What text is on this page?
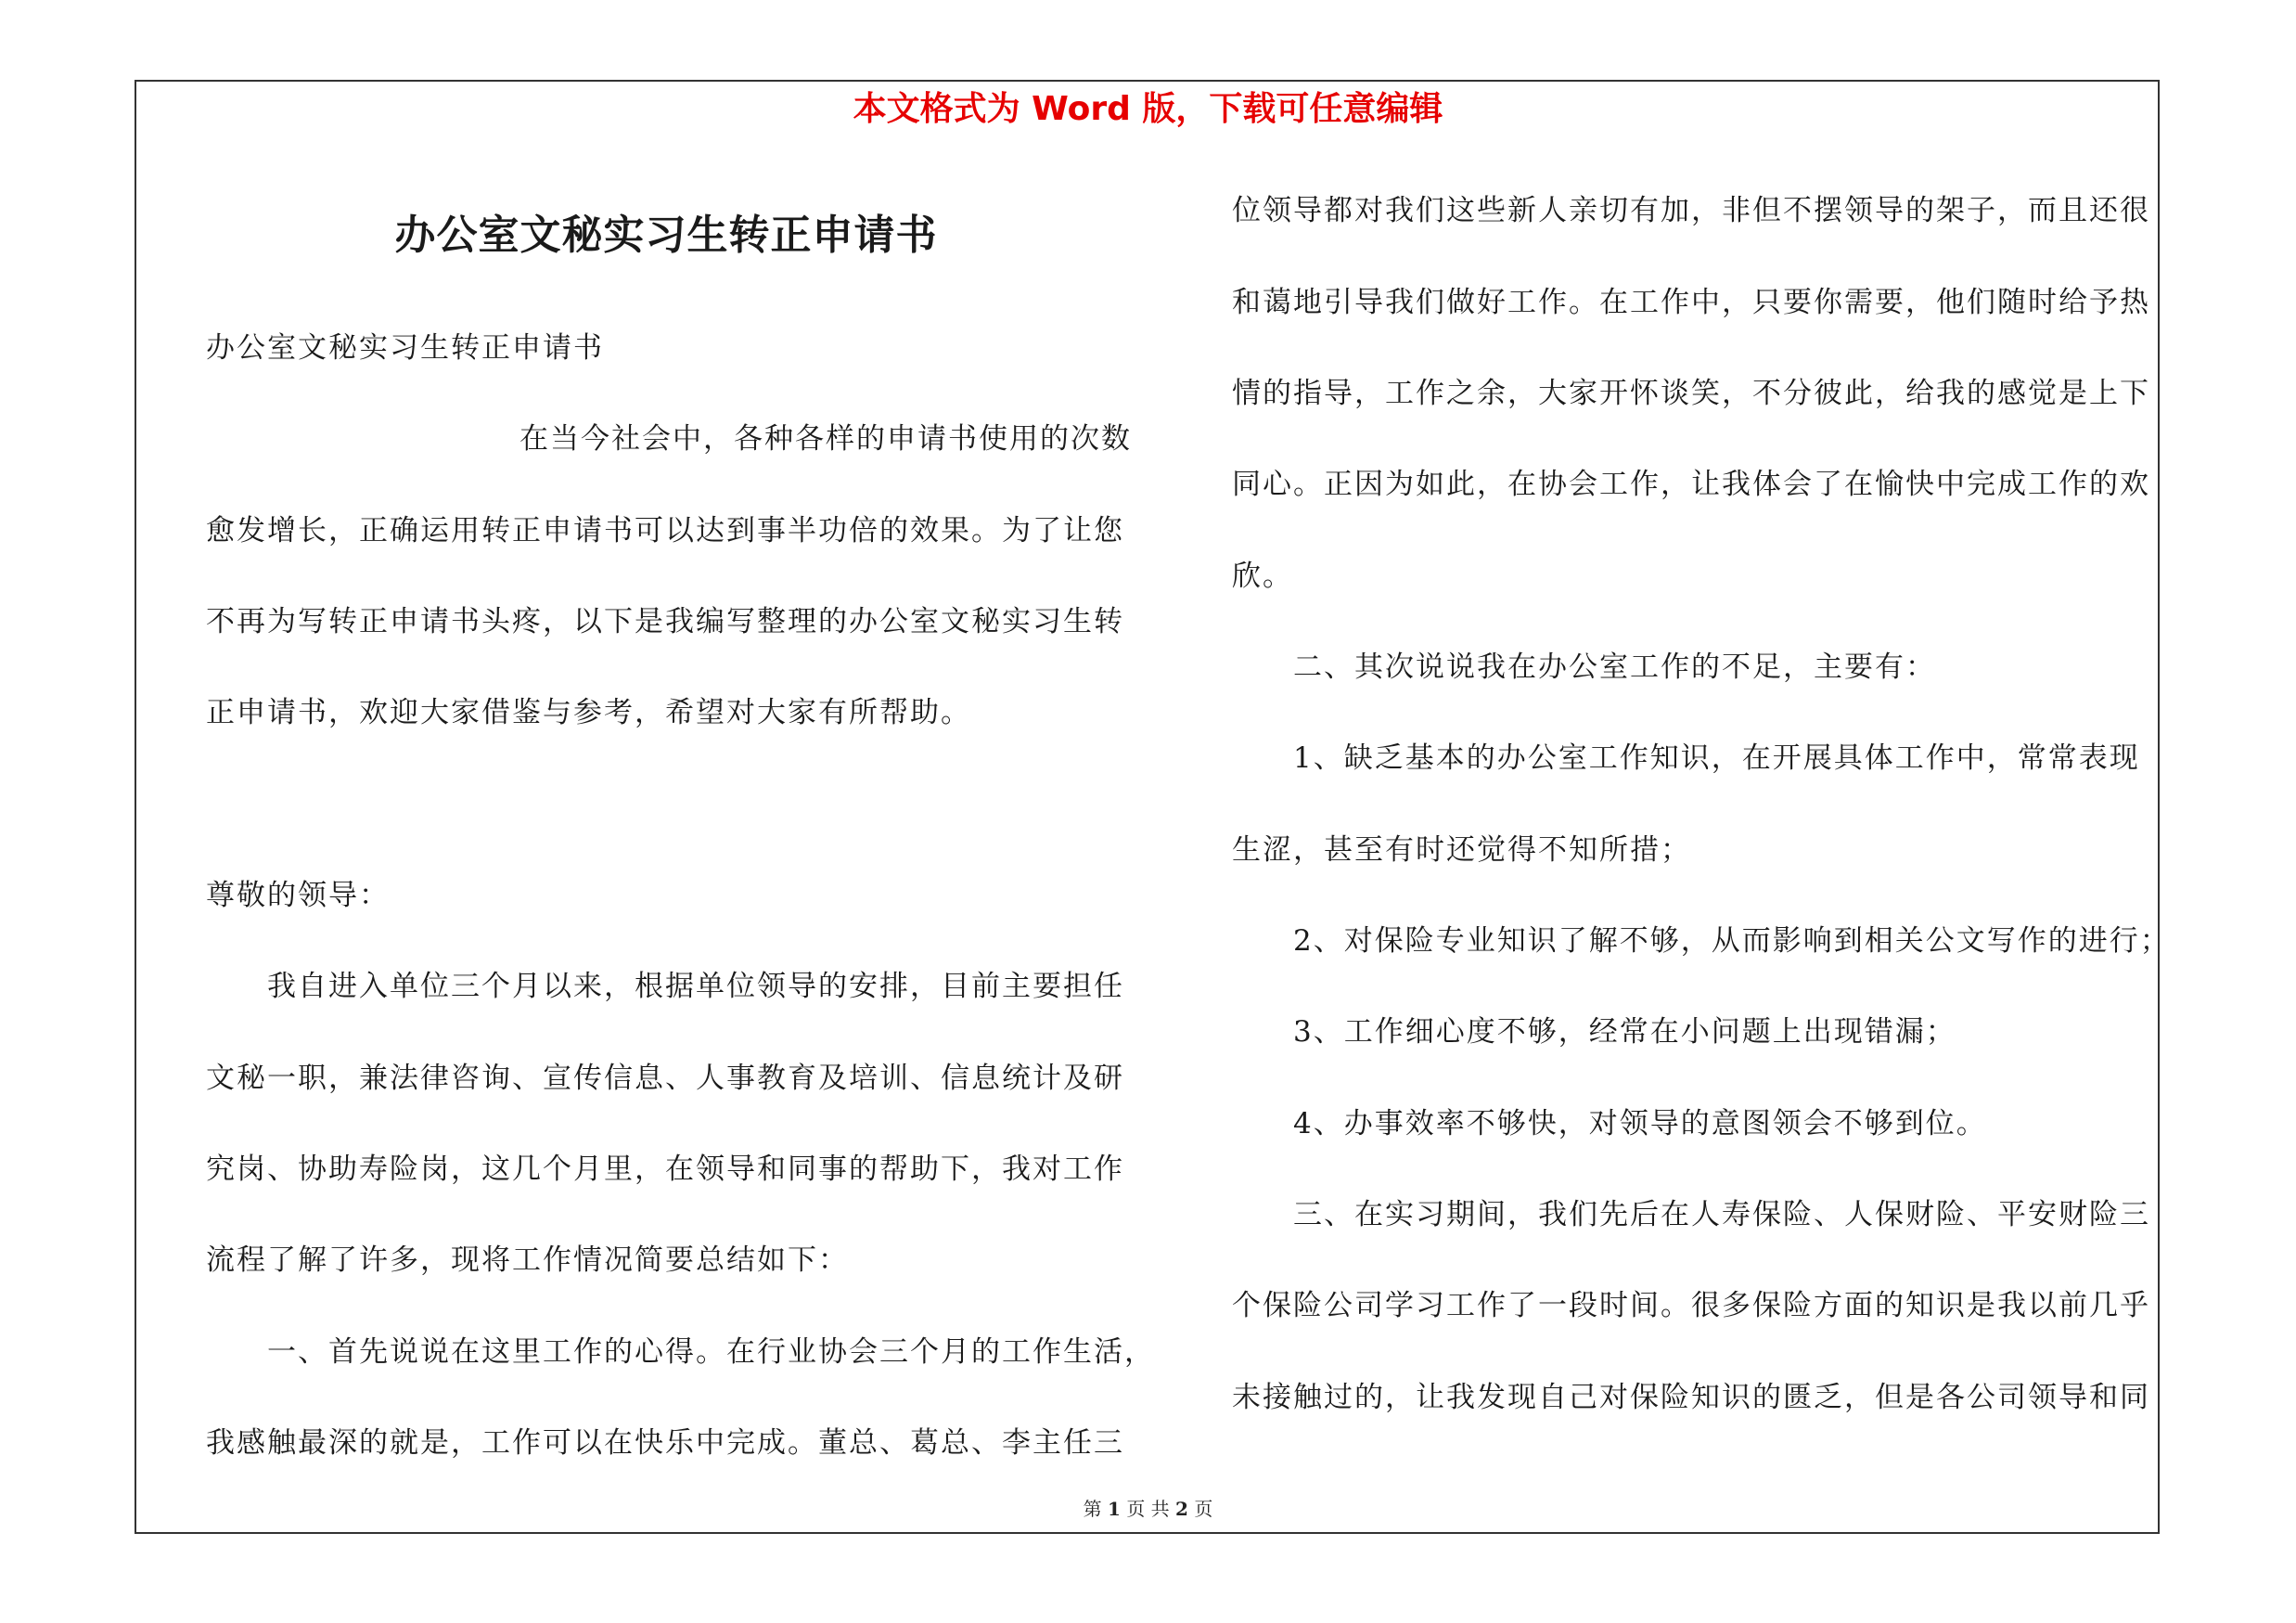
本文格式为 Word 版，下载可任意编辑
办公室文秘实习生转正申请书
办公室文秘实习生转正申请书
在当今社会中，各种各样的申请书使用的次数
愈发增长，正确运用转正申请书可以达到事半功倍的效果。为了让您
不再为写转正申请书头疼，以下是我编写整理的办公室文秘实习生转
正申请书，欢迎大家借鉴与参考，希望对大家有所帮助。
尊敬的领导：
我自进入单位三个月以来，根据单位领导的安排，目前主要担任
文秘一职，兼法律咨询、宣传信息、人事教育及培训、信息统计及研
究岗、协助寿险岗，这几个月里，在领导和同事的帮助下，我对工作
流程了解了许多，现将工作情况简要总结如下：
一、首先说说在这里工作的心得。在行业协会三个月的工作生活，
我感触最深的就是，工作可以在快乐中完成。董总、葛总、李主任三
位领导都对我们这些新人亲切有加，非但不摆领导的架子，而且还很
和蔼地引导我们做好工作。在工作中，只要你需要，他们随时给予热
情的指导，工作之余，大家开怀谈笑，不分彼此，给我的感觉是上下
同心。正因为如此，在协会工作，让我体会了在愉快中完成工作的欢
欣。
二、其次说说我在办公室工作的不足，主要有：
1、缺乏基本的办公室工作知识，在开展具体工作中，常常表现
生涩，甚至有时还觉得不知所措；
2、对保险专业知识了解不够，从而影响到相关公文写作的进行；
3、工作细心度不够，经常在小问题上出现错漏；
4、办事效率不够快，对领导的意图领会不够到位。
三、在实习期间，我们先后在人寿保险、人保财险、平安财险三
个保险公司学习工作了一段时间。很多保险方面的知识是我以前几乎
未接触过的，让我发现自己对保险知识的匮乏，但是各公司领导和同
第 1 页 共 2 页
